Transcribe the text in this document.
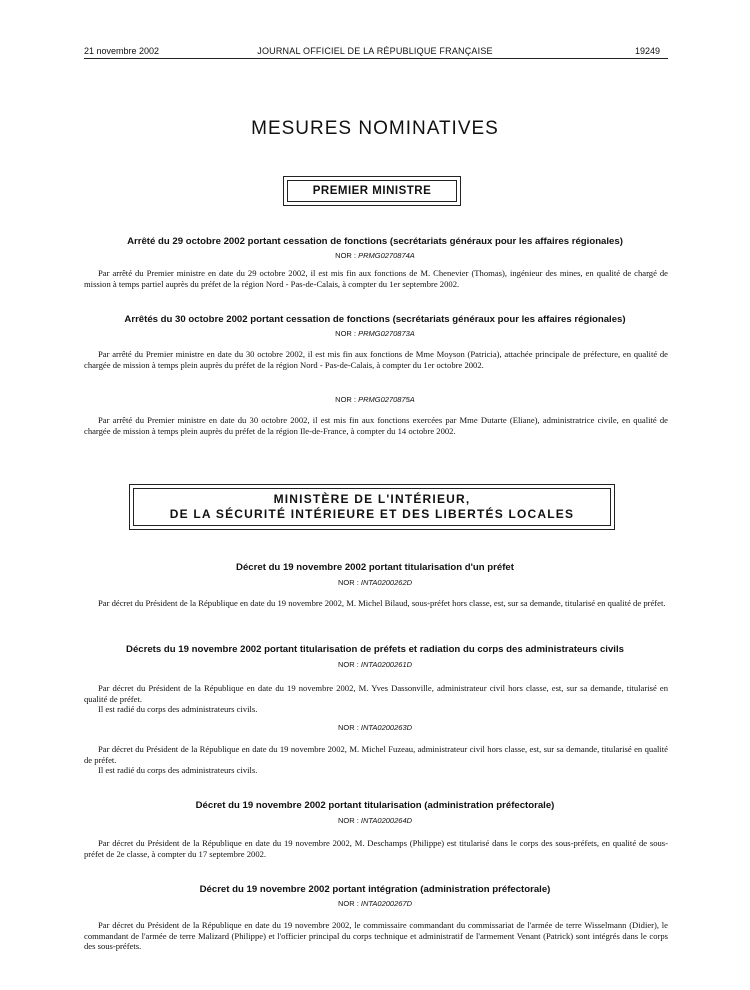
21 novembre 2002	JOURNAL OFFICIEL DE LA RÉPUBLIQUE FRANÇAISE	19249
MESURES NOMINATIVES
PREMIER MINISTRE
Arrêté du 29 octobre 2002 portant cessation de fonctions (secrétariats généraux pour les affaires régionales)
NOR : PRMG0270874A

Par arrêté du Premier ministre en date du 29 octobre 2002, il est mis fin aux fonctions de M. Chenevier (Thomas), ingénieur des mines, en qualité de chargé de mission à temps partiel auprès du préfet de la région Nord - Pas-de-Calais, à compter du 1er septembre 2002.

Arrêtés du 30 octobre 2002 portant cessation de fonctions (secrétariats généraux pour les affaires régionales)
NOR : PRMG0270873A

Par arrêté du Premier ministre en date du 30 octobre 2002, il est mis fin aux fonctions de Mme Moyson (Patricia), attachée principale de préfecture, en qualité de chargée de mission à temps plein auprès du préfet de la région Nord - Pas-de-Calais, à compter du 1er octobre 2002.

NOR : PRMG0270875A

Par arrêté du Premier ministre en date du 30 octobre 2002, il est mis fin aux fonctions exercées par Mme Dutarte (Eliane), administratrice civile, en qualité de chargée de mission à temps plein auprès du préfet de la région Ile-de-France, à compter du 14 octobre 2002.

MINISTÈRE DE L'INTÉRIEUR,
DE LA SÉCURITÉ INTÉRIEURE ET DES LIBERTÉS LOCALES
Décret du 19 novembre 2002 portant titularisation d'un préfet
NOR : INTA0200262D

Par décret du Président de la République en date du 19 novembre 2002, M. Michel Bilaud, sous-préfet hors classe, est, sur sa demande, titularisé en qualité de préfet.

Décrets du 19 novembre 2002 portant titularisation de préfets et radiation du corps des administrateurs civils
NOR : INTA0200261D

Par décret du Président de la République en date du 19 novembre 2002, M. Yves Dassonville, administrateur civil hors classe, est, sur sa demande, titularisé en qualité de préfet.

Il est radié du corps des administrateurs civils.

NOR : INTA0200263D

Par décret du Président de la République en date du 19 novembre 2002, M. Michel Fuzeau, administrateur civil hors classe, est, sur sa demande, titularisé en qualité de préfet.

Il est radié du corps des administrateurs civils.

Décret du 19 novembre 2002 portant titularisation (administration préfectorale)
NOR : INTA0200264D

Par décret du Président de la République en date du 19 novembre 2002, M. Deschamps (Philippe) est titularisé dans le corps des sous-préfets, en qualité de sous-préfet de 2e classe, à compter du 17 septembre 2002.

Décret du 19 novembre 2002 portant intégration (administration préfectorale)
NOR : INTA0200267D

Par décret du Président de la République en date du 19 novembre 2002, le commissaire commandant du commissariat de l'armée de terre Wisselmann (Didier), le commandant de l'armée de terre Malizard (Philippe) et l'officier principal du corps technique et administratif de l'armement Venant (Patrick) sont intégrés dans le corps des sous-préfets.
